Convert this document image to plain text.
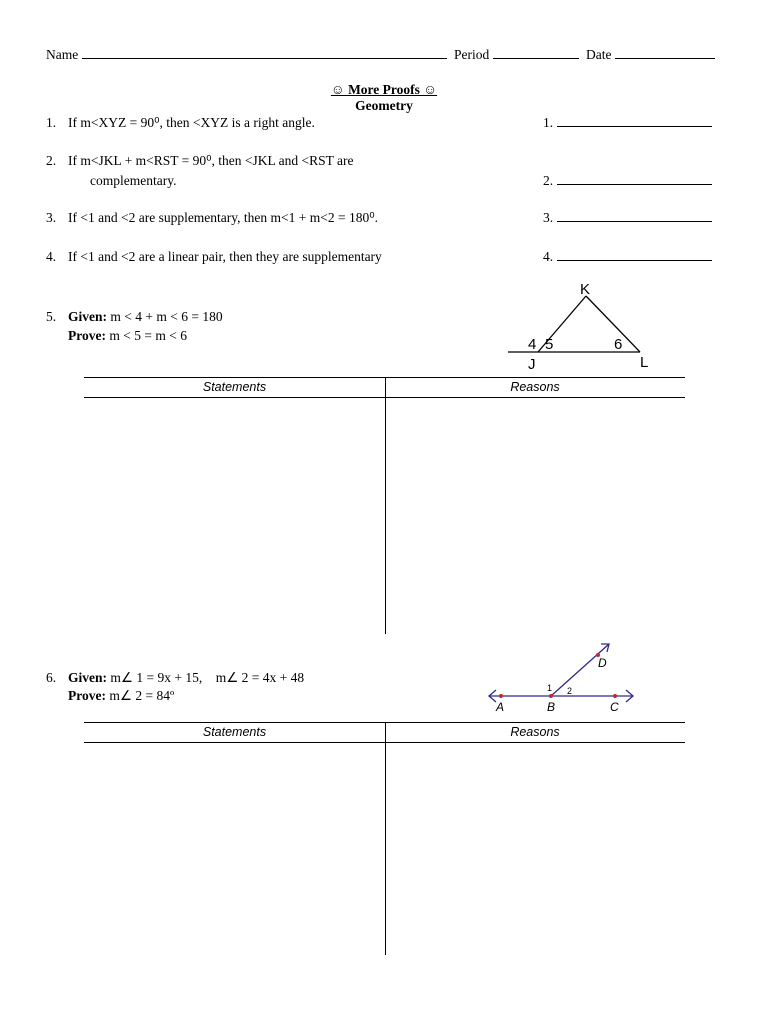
Name	Period	Date
☺ More Proofs ☺
Geometry
1. If m<XYZ = 90⁰, then <XYZ is a right angle.	1.
2. If m<JKL + m<RST = 90⁰, then <JKL and <RST are
complementary.	2.
3. If <1 and <2 are supplementary, then m<1 + m<2 = 180⁰.	3.
4. If <1 and <2 are a linear pair, then they are supplementary	4.
5. Given: m < 4 + m < 6 = 180
Prove: m < 5 = m < 6
K
J	L
4 5	6
Statements	Reasons
6. Given: m∠ 1 = 9x + 15,    m∠ 2 = 4x + 48
Prove: m∠ 2 = 84º
A	B	C
D
1 2
Statements	Reasons
